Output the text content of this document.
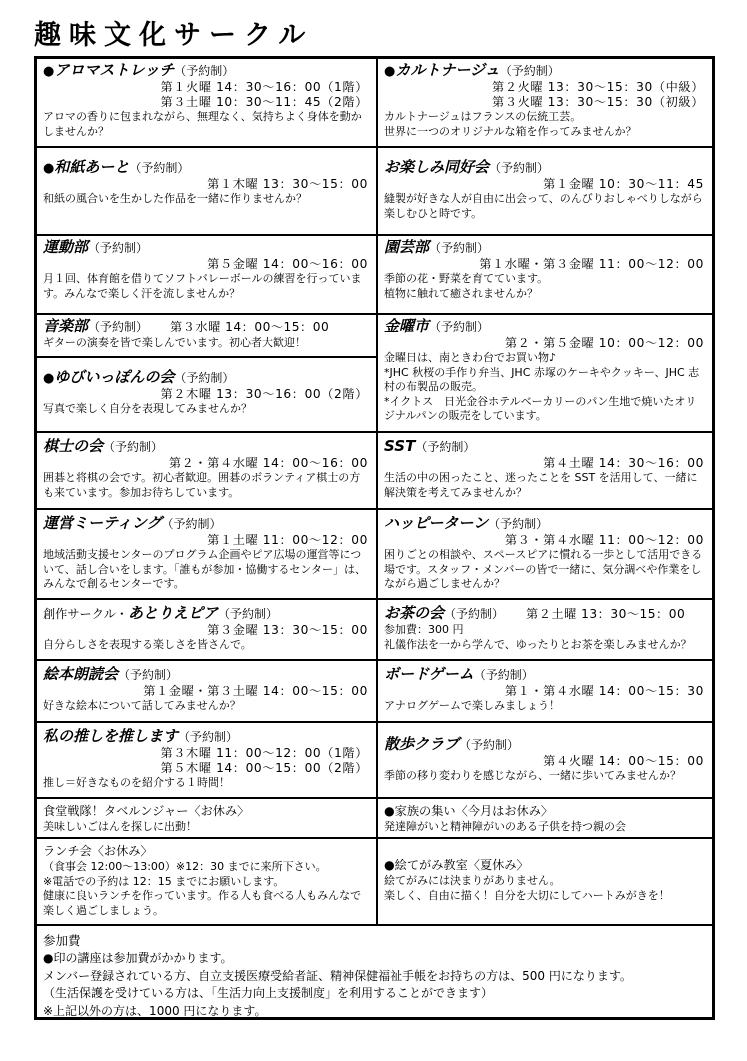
趣味文化サークル
●アロマストレッチ（予約制）
第１火曜 14：30〜16：00（1階）
第３土曜 10：30〜11：45（2階）
アロマの香りに包まれながら、無理なく、気持ちよく身体を動かしませんか？
●カルトナージュ（予約制）
第２火曜 13：30〜15：30（中級）
第３火曜 13：30〜15：30（初級）
カルトナージュはフランスの伝統工芸。
世界に一つのオリジナルな箱を作ってみませんか？
●和紙あーと（予約制）
第１木曜 13：30〜15：00
和紙の風合いを生かした作品を一緒に作りませんか？
お楽しみ同好会（予約制）
第１金曜 10：30〜11：45
縫製が好きな人が自由に出会って、のんびりおしゃべりしながら楽しむひと時です。
運動部（予約制）
第５金曜 14：00〜16：00
月１回、体育館を借りてソフトバレーボールの練習を行っています。みんなで楽しく汗を流しませんか？
園芸部（予約制）
第１水曜・第３金曜 11：00〜12：00
季節の花・野菜を育てています。
植物に触れて癒されませんか？
音楽部（予約制） 第３水曜 14：00〜15：00
ギターの演奏を皆で楽しんでいます。初心者大歓迎！
金曜市（予約制）
第２・第５金曜 10：00〜12：00
金曜日は、南ときわ台でお買い物♪
*JHC 秋桜の手作り弁当、JHC 赤塚のケーキやクッキー、JHC 志村の布製品の販売。
*イクトス　日光金谷ホテルベーカリーのパン生地で焼いたオリジナルパンの販売をしています。
●ゆびいっぽんの会（予約制）
第２木曜 13：30〜16：00（2階）
写真で楽しく自分を表現してみませんか？
棋士の会（予約制）
第２・第４水曜 14：00〜16：00
囲碁と将棋の会です。初心者歓迎。囲碁のボランティア棋士の方も来ています。参加お待ちしています。
SST（予約制）
第４土曜 14：30〜16：00
生活の中の困ったこと、迷ったことを SST を活用して、一緒に解決策を考えてみませんか？
運営ミーティング（予約制）
第１土曜 11：00〜12：00
地域活動支援センターのプログラム企画やピア広場の運営等について、話し合いをします。「誰もが参加・協働するセンター」は、みんなで創るセンターです。
ハッピーターン（予約制）
第３・第４水曜 11：00〜12：00
困りごとの相談や、スペースピアに慣れる一歩として活用できる場です。スタッフ・メンバーの皆で一緒に、気分調べや作業をしながら過ごしませんか？
創作サークル・あとりえピア（予約制）
第３金曜 13：30〜15：00
自分らしさを表現する楽しさを皆さんで。
お茶の会（予約制） 第２土曜 13：30〜15：00
参加費：300 円
礼儀作法を一から学んで、ゆったりとお茶を楽しみませんか？
絵本朗読会（予約制）
第１金曜・第３土曜 14：00〜15：00
好きな絵本について話してみませんか？
ボードゲーム（予約制）
第１・第４水曜 14：00〜15：30
アナログゲームで楽しみましょう！
私の推しを推します（予約制）
第３木曜 11：00〜12：00（1階）
第５木曜 14：00〜15：00（2階）
推し＝好きなものを紹介する１時間！
散歩クラブ（予約制）
第４火曜 14：00〜15：00
季節の移り変わりを感じながら、一緒に歩いてみませんか？
食堂戦隊！タベルンジャー〈お休み〉
美味しいごはんを探しに出動！
●家族の集い〈今月はお休み〉
発達障がいと精神障がいのある子供を持つ親の会
ランチ会〈お休み〉
（食事会 12:00〜13:00）※12：30 までに来所下さい。
※電話での予約は 12：15 までにお願いします。
健康に良いランチを作っています。作る人も食べる人もみんなで楽しく過ごしましょう。
●絵てがみ教室〈夏休み〉
絵てがみには決まりがありません。
楽しく、自由に描く！自分を大切にしてハートみがきを！
参加費
●印の講座は参加費がかかります。
メンバー登録されている方、自立支援医療受給者証、精神保健福祉手帳をお持ちの方は、500 円になります。
（生活保護を受けている方は、「生活力向上支援制度」を利用することができます）
※上記以外の方は、1000 円になります。
